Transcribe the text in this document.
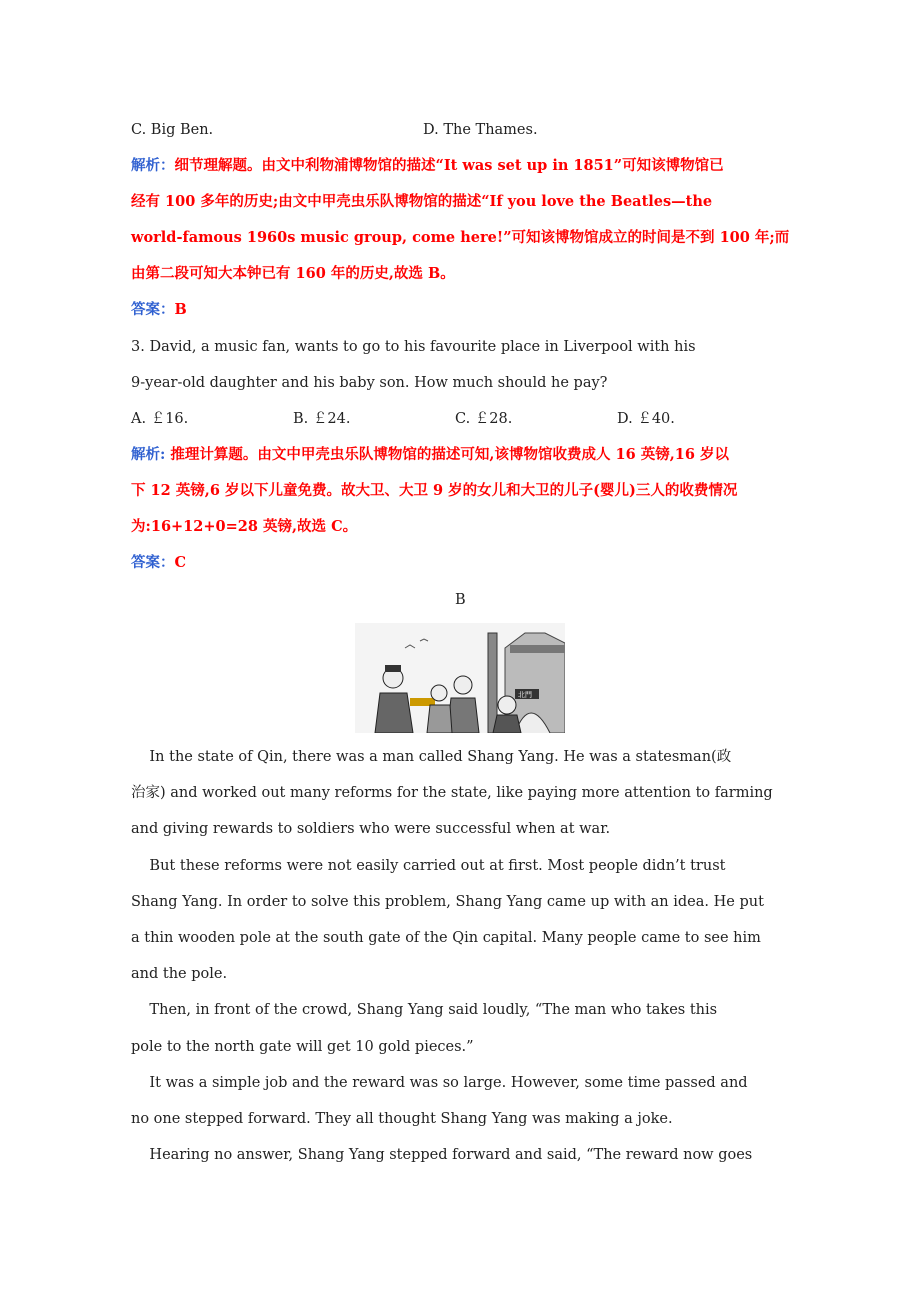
C. Big Ben.	D. The Thames.
解析：细节理解题。由文中利物浦博物馆的描述“It was set up in 1851”可知该博物馆已
经有 100 多年的历史;由文中甲壳虫乐队博物馆的描述“If you love the Beatles—the
world-famous 1960s music group, come here!”可知该博物馆成立的时间是不到 100 年;而
由第二段可知大本钟已有 160 年的历史,故选 B。
答案：B
3. David, a music fan, wants to go to his favourite place in Liverpool with his
9-year-old daughter and his baby son. How much should he pay?
A. ￡16.	B. ￡24.	C. ￡28.	D. ￡40.
解析: 推理计算题。由文中甲壳虫乐队博物馆的描述可知,该博物馆收费成人 16 英镑,16 岁以
下 12 英镑,6 岁以下儿童免费。故大卫、大卫 9 岁的女儿和大卫的儿子(婴儿)三人的收费情况
为:16+12+0=28 英镑,故选 C。
答案：C
B
北門
In the state of Qin, there was a man called Shang Yang. He was a statesman(政
治家) and worked out many reforms for the state, like paying more attention to farming
and giving rewards to soldiers who were successful when at war.
But these reforms were not easily carried out at first. Most people didn’t trust
Shang Yang. In order to solve this problem, Shang Yang came up with an idea. He put
a thin wooden pole at the south gate of the Qin capital. Many people came to see him
and the pole.
Then, in front of the crowd, Shang Yang said loudly, “The man who takes this
pole to the north gate will get 10 gold pieces.”
It was a simple job and the reward was so large. However, some time passed and
no one stepped forward. They all thought Shang Yang was making a joke.
Hearing no answer, Shang Yang stepped forward and said, “The reward now goes
